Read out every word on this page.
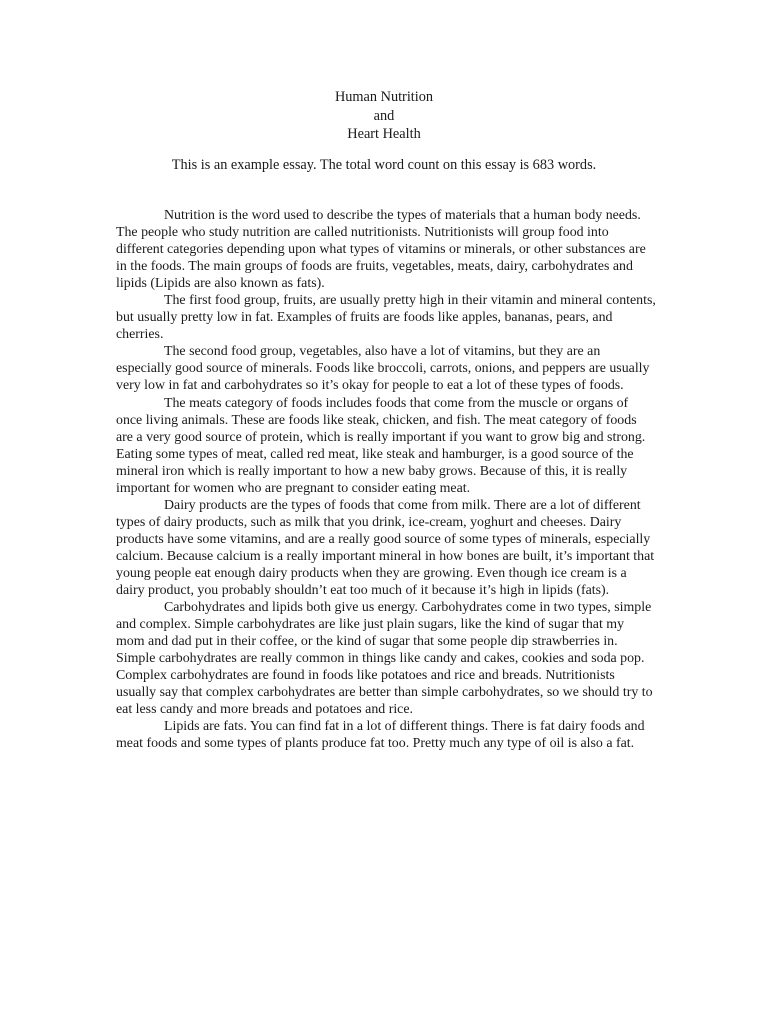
Human Nutrition
and
Heart Health
This is an example essay. The total word count on this essay is 683 words.

Nutrition is the word used to describe the types of materials that a human body needs. The people who study nutrition are called nutritionists. Nutritionists will group food into different categories depending upon what types of vitamins or minerals, or other substances are in the foods. The main groups of foods are fruits, vegetables, meats, dairy, carbohydrates and lipids (Lipids are also known as fats).

The first food group, fruits, are usually pretty high in their vitamin and mineral contents, but usually pretty low in fat. Examples of fruits are foods like apples, bananas, pears, and cherries.

The second food group, vegetables, also have a lot of vitamins, but they are an especially good source of minerals. Foods like broccoli, carrots, onions, and peppers are usually very low in fat and carbohydrates so it’s okay for people to eat a lot of these types of foods.

The meats category of foods includes foods that come from the muscle or organs of once living animals. These are foods like steak, chicken, and fish. The meat category of foods are a very good source of protein, which is really important if you want to grow big and strong. Eating some types of meat, called red meat, like steak and hamburger, is a good source of the mineral iron which is really important to how a new baby grows. Because of this, it is really important for women who are pregnant to consider eating meat.

Dairy products are the types of foods that come from milk. There are a lot of different types of dairy products, such as milk that you drink, ice-cream, yoghurt and cheeses. Dairy products have some vitamins, and are a really good source of some types of minerals, especially calcium. Because calcium is a really important mineral in how bones are built, it’s important that young people eat enough dairy products when they are growing. Even though ice cream is a dairy product, you probably shouldn’t eat too much of it because it’s high in lipids (fats).

Carbohydrates and lipids both give us energy. Carbohydrates come in two types, simple and complex. Simple carbohydrates are like just plain sugars, like the kind of sugar that my mom and dad put in their coffee, or the kind of sugar that some people dip strawberries in. Simple carbohydrates are really common in things like candy and cakes, cookies and soda pop. Complex carbohydrates are found in foods like potatoes and rice and breads. Nutritionists usually say that complex carbohydrates are better than simple carbohydrates, so we should try to eat less candy and more breads and potatoes and rice.

Lipids are fats. You can find fat in a lot of different things. There is fat dairy foods and meat foods and some types of plants produce fat too. Pretty much any type of oil is also a fat.
